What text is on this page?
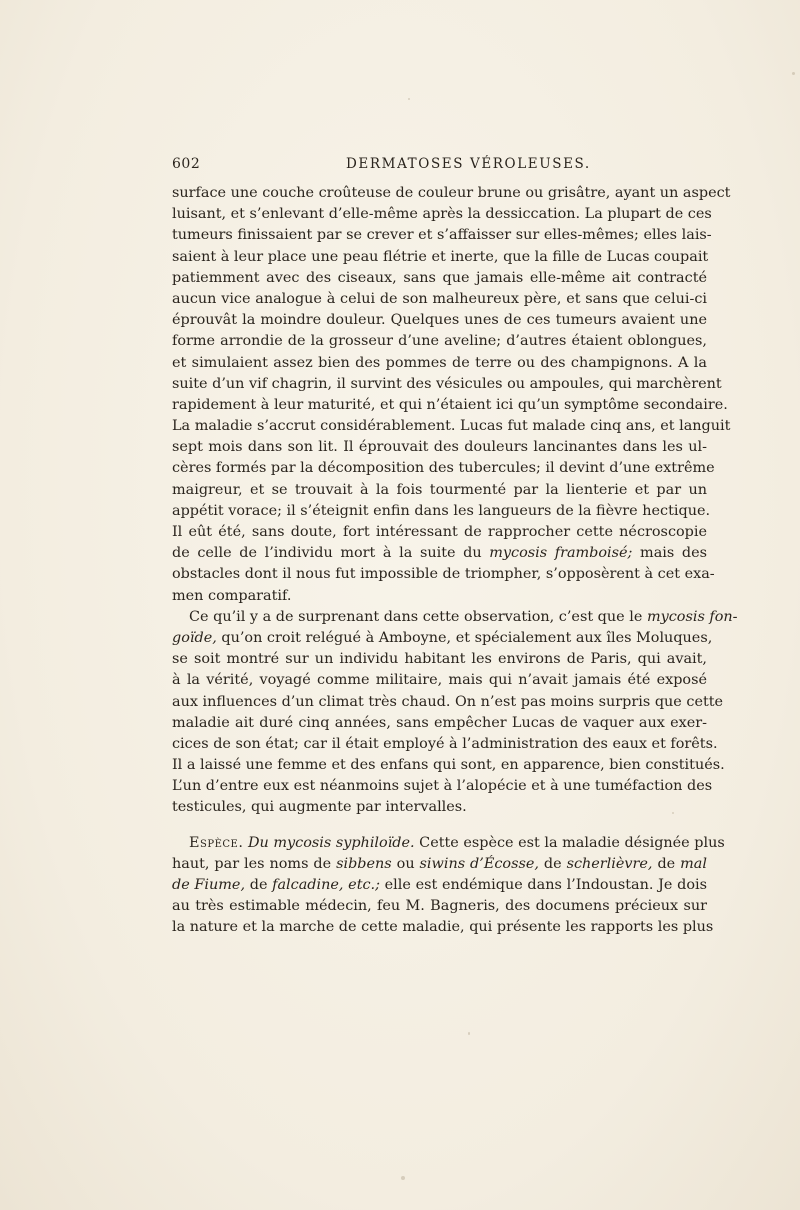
602	DERMATOSES VÉROLEUSES.
surface une couche croûteuse de couleur brune ou grisâtre, ayant un aspect
luisant, et s’enlevant d’elle-même après la dessiccation. La plupart de ces
tumeurs finissaient par se crever et s’affaisser sur elles-mêmes; elles lais-
saient à leur place une peau flétrie et inerte, que la fille de Lucas coupait
patiemment avec des ciseaux, sans que jamais elle-même ait contracté
aucun vice analogue à celui de son malheureux père, et sans que celui-ci
éprouvât la moindre douleur. Quelques unes de ces tumeurs avaient une
forme arrondie de la grosseur d’une aveline; d’autres étaient oblongues,
et simulaient assez bien des pommes de terre ou des champignons. A la
suite d’un vif chagrin, il survint des vésicules ou ampoules, qui marchèrent
rapidement à leur maturité, et qui n’étaient ici qu’un symptôme secondaire.
La maladie s’accrut considérablement. Lucas fut malade cinq ans, et languit
sept mois dans son lit. Il éprouvait des douleurs lancinantes dans les ul-
cères formés par la décomposition des tubercules; il devint d’une extrême
maigreur, et se trouvait à la fois tourmenté par la lienterie et par un
appétit vorace; il s’éteignit enfin dans les langueurs de la fièvre hectique.
Il eût été, sans doute, fort intéressant de rapprocher cette nécroscopie
de celle de l’individu mort à la suite du mycosis framboisé; mais des
obstacles dont il nous fut impossible de triompher, s’opposèrent à cet exa-
men comparatif.
Ce qu’il y a de surprenant dans cette observation, c’est que le mycosis fon-
goïde, qu’on croit relégué à Amboyne, et spécialement aux îles Moluques,
se soit montré sur un individu habitant les environs de Paris, qui avait,
à la vérité, voyagé comme militaire, mais qui n’avait jamais été exposé
aux influences d’un climat très chaud. On n’est pas moins surpris que cette
maladie ait duré cinq années, sans empêcher Lucas de vaquer aux exer-
cices de son état; car il était employé à l’administration des eaux et forêts.
Il a laissé une femme et des enfans qui sont, en apparence, bien constitués.
L’un d’entre eux est néanmoins sujet à l’alopécie et à une tuméfaction des
testicules, qui augmente par intervalles.
Espèce. Du mycosis syphiloïde. Cette espèce est la maladie désignée plus
haut, par les noms de sibbens ou siwins d’Écosse, de scherlièvre, de mal
de Fiume, de falcadine, etc.; elle est endémique dans l’Indoustan. Je dois
au très estimable médecin, feu M. Bagneris, des documens précieux sur
la nature et la marche de cette maladie, qui présente les rapports les plus
